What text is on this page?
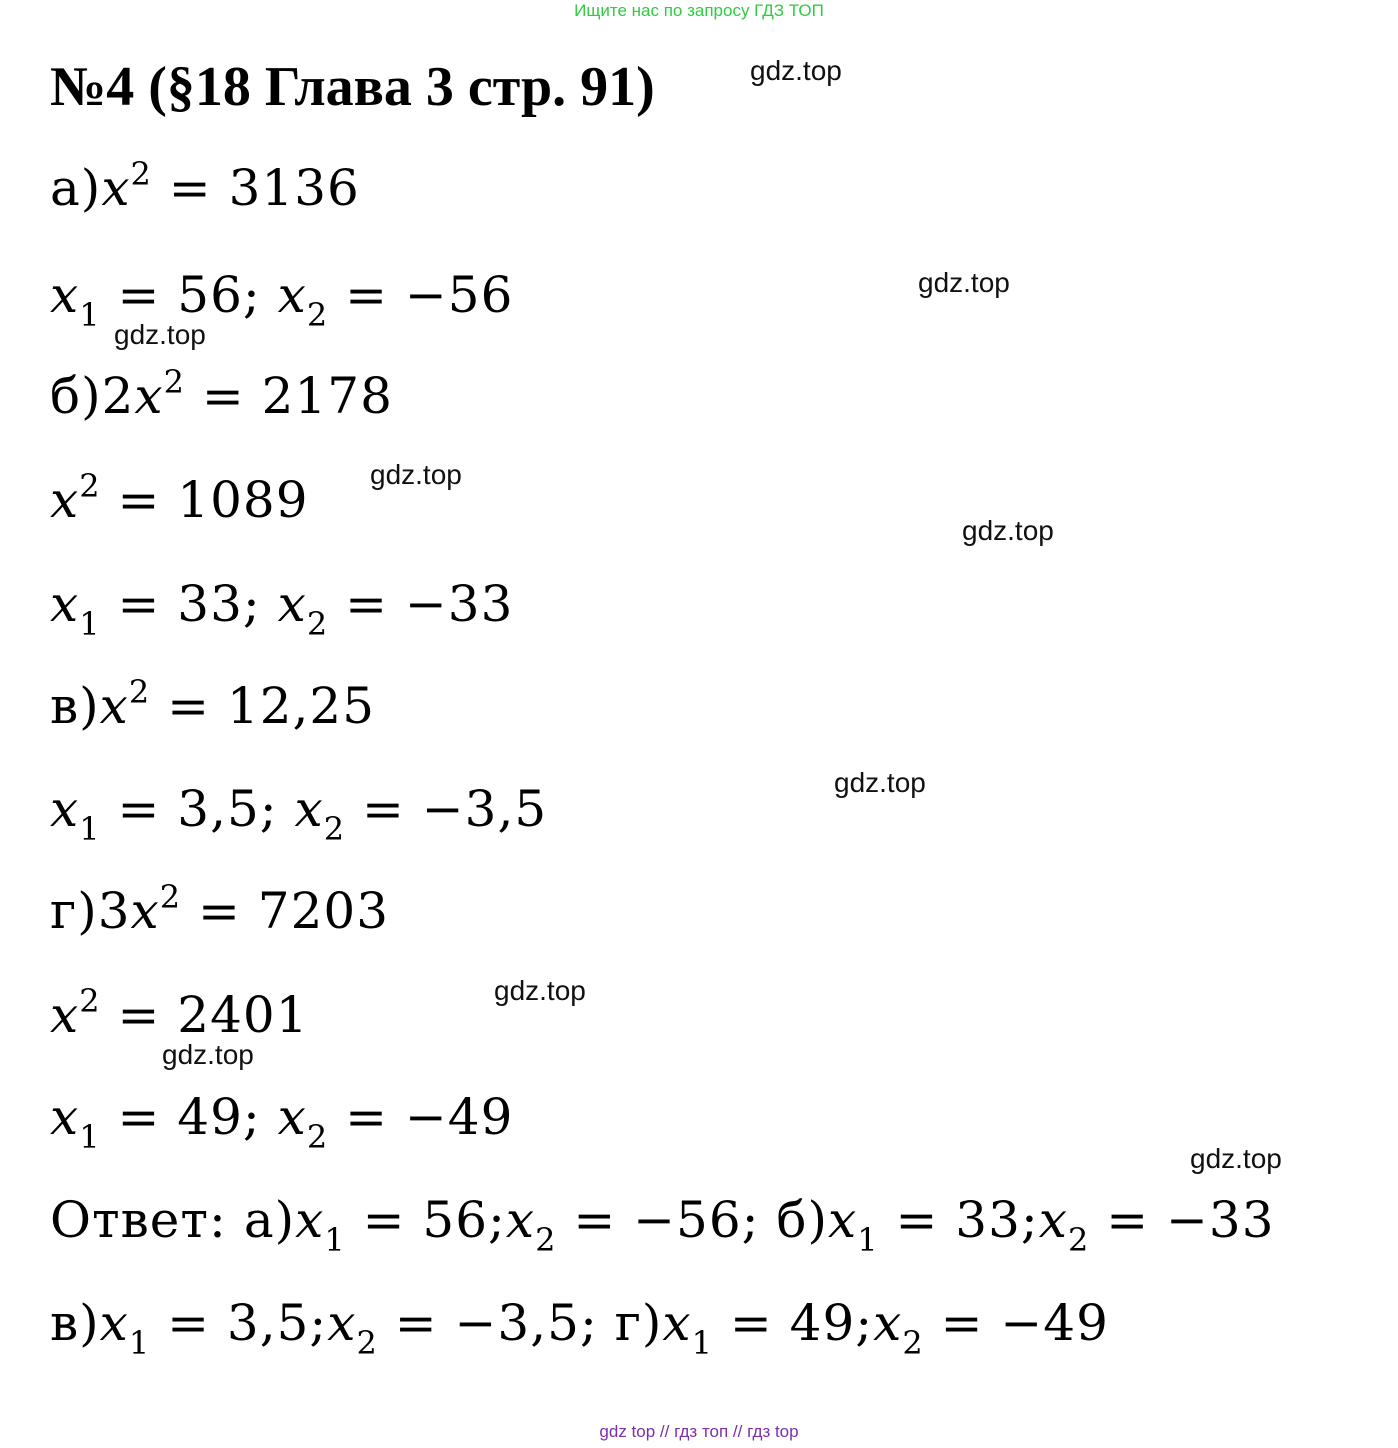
Ищите нас по запросу ГДЗ ТОП
№4 (§18 Глава 3 стр. 91)	gdz.top
gdz.top
gdz.top
gdz.top
gdz.top
gdz.top
gdz.top
gdz.top
gdz.top
$а)x^2 = 3136$
$x_1 = 56$; $x_2 = -56$
$б)2x^2 = 2178$
$x^2 = 1089$
$x_1 = 33$; $x_2 = -33$
$в)x^2 = 12,25$
$x_1 = 3,5$; $x_2 = -3,5$
$г)3x^2 = 7203$
$x^2 = 2401$
$x_1 = 49$; $x_2 = -49$
Ответ: $а)x_1$ = $56;x_2 = -56$; $б)x_1$ = $33;x_2 = -33$
$в)x_1$ = $3,5;x_2 = -3,5$; $г)x_1$ = $49;x_2 = -49$
gdz top // гдз топ // гдз top
